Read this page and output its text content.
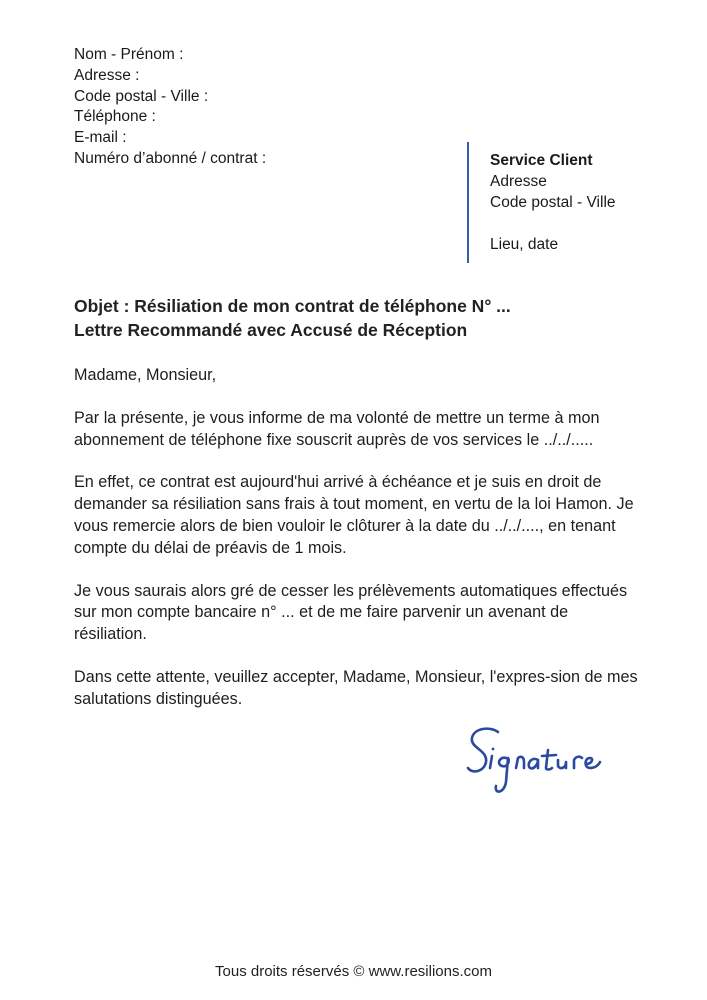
Nom - Prénom :
Adresse :
Code postal - Ville :
Téléphone :
E-mail :
Numéro d’abonné / contrat :	Service Client
Adresse
Code postal - Ville
Lieu, date
Objet : Résiliation de mon contrat de téléphone N° ...
Lettre Recommandé avec Accusé de Réception

Madame, Monsieur,

Par la présente, je vous informe de ma volonté de mettre un terme à mon abonnement de téléphone fixe souscrit auprès de vos services le ../../.....

En effet, ce contrat est aujourd'hui arrivé à échéance et je suis en droit de demander sa résiliation sans frais à tout moment, en vertu de la loi Hamon. Je vous remercie alors de bien vouloir le clôturer à la date du ../../...., en tenant compte du délai de préavis de 1 mois.

Je vous saurais alors gré de cesser les prélèvements automatiques effectués sur mon compte bancaire n° ... et de me faire parvenir un avenant de résiliation.

Dans cette attente, veuillez accepter, Madame, Monsieur, l'expres-sion de mes salutations distinguées.

Tous droits réservés © www.resilions.com
